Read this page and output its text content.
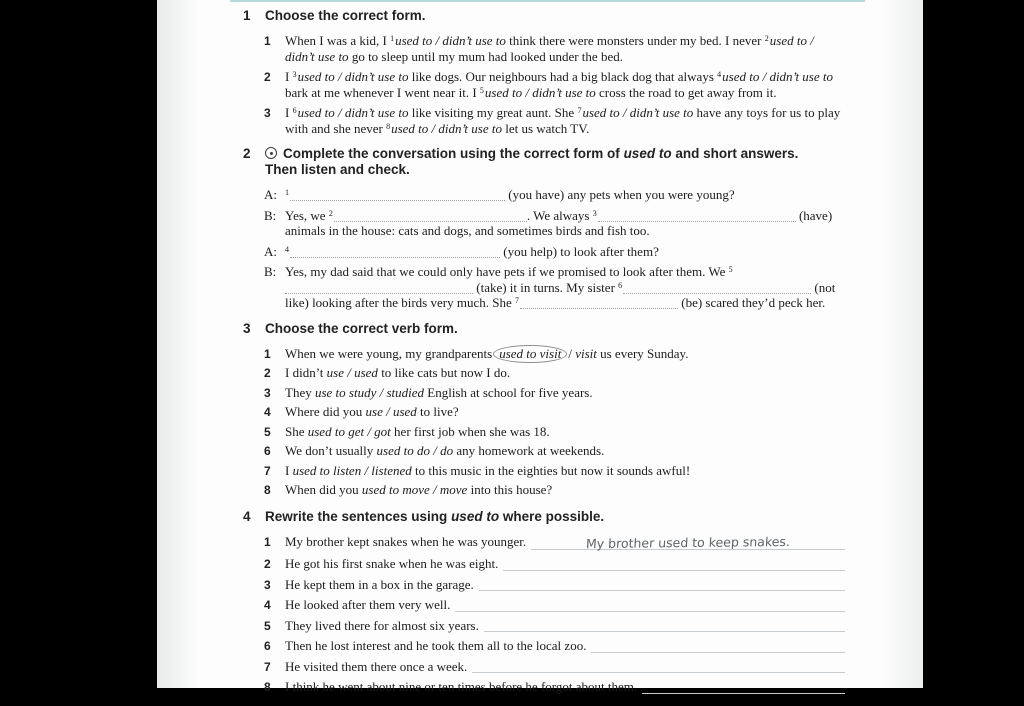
1	Choose the correct form.
1	When I was a kid, I $^1$used to / didn’t use to think there were monsters under my bed. I never $^2$used to / didn’t use to go to sleep until my mum had looked under the bed.
2	I $^3$used to / didn’t use to like dogs. Our neighbours had a big black dog that always $^4$used to / didn’t use to bark at me whenever I went near it. I $^5$used to / didn’t use to cross the road to get away from it.
3	I $^6$used to / didn’t use to like visiting my great aunt. She $^7$used to / didn’t use to have any toys for us to play with and she never $^8$used to / didn’t use to let us watch TV.
2	Complete the conversation using the correct form of used to and short answers.
Then listen and check.
A:	$^1$	(you have) any pets when you were young?
B: Yes, we $^2$	. We always $^3$	(have) animals in the house: cats and dogs, and sometimes birds and fish too.
A:	$^4$	(you help) to look after them?
B: Yes, my dad said that we could only have pets if we promised to look after them. We $^5$ (take) it in turns. My sister $^6$	(not like) looking after the birds very much. She $^7$	(be) scared they’d peck her.
3	Choose the correct verb form.
1	When we were young, my grandparents used to visit / visit us every Sunday.
2	I didn’t use / used to like cats but now I do.
3	They use to study / studied English at school for five years.
4	Where did you use / used to live?
5	She used to get / got her first job when she was 18.
6	We don’t usually used to do / do any homework at weekends.
7	I used to listen / listened to this music in the eighties but now it sounds awful!
8	When did you used to move / move into this house?
4	Rewrite the sentences using used to where possible.
1	My brother kept snakes when he was younger.	My brother used to keep snakes.
2	He got his first snake when he was eight.
3	He kept them in a box in the garage.
4	He looked after them very well.
5	They lived there for almost six years.
6	Then he lost interest and he took them all to the local zoo.
7	He visited them there once a week.
8	I think he went about nine or ten times before he forgot about them.
